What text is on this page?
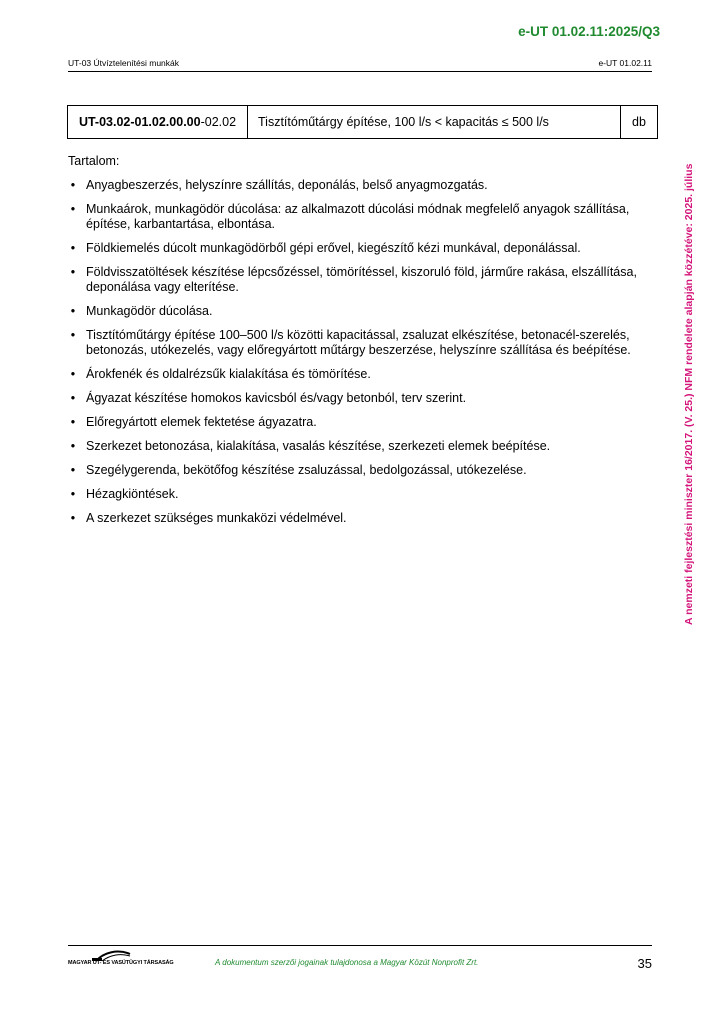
e-UT 01.02.11:2025/Q3
UT-03 Útvíztelenítési munkák	e-UT 01.02.11
A nemzeti fejlesztési miniszter 16/2017. (V. 25.) NFM rendelete alapján közzétéve: 2025. július
UT-03.02-01.02.00.00 -02.02	Tisztítóműtárgy építése, 100 l/s < kapacitás ≤ 500 l/s	db
Tartalom:
• Anyagbeszerzés, helyszínre szállítás, deponálás, belső anyagmozgatás.
• Munkaárok, munkagödör dúcolása: az alkalmazott dúcolási módnak megfelelő anyagok szállítása, építése, karbantartása, elbontása.
• Földkiemelés dúcolt munkagödörből gépi erővel, kiegészítő kézi munkával, deponálással.
• Földvisszatöltések készítése lépcsőzéssel, tömörítéssel, kiszoruló föld, járműre rakása, elszállítása, deponálása vagy elterítése.
• Munkagödör dúcolása.
• Tisztítóműtárgy építése 100–500 l/s közötti kapacitással, zsaluzat elkészítése, betonacél-szerelés, betonozás, utókezelés, vagy előregyártott műtárgy beszerzése, helyszínre szállítása és beépítése.
• Árokfenék és oldalrézsűk kialakítása és tömörítése.
• Ágyazat készítése homokos kavicsból és/vagy betonból, terv szerint.
• Előregyártott elemek fektetése ágyazatra.
• Szerkezet betonozása, kialakítása, vasalás készítése, szerkezeti elemek beépítése.
• Szegélygerenda, bekötőfog készítése zsaluzással, bedolgozással, utókezelése.
• Hézagkiöntések.
• A szerkezet szükséges munkaközi védelmével.
MAGYAR ÚT- ÉS VASÚTÜGYI TÁRSASÁG	A dokumentum szerzői jogainak tulajdonosa a Magyar Közút Nonprofit Zrt.	35
